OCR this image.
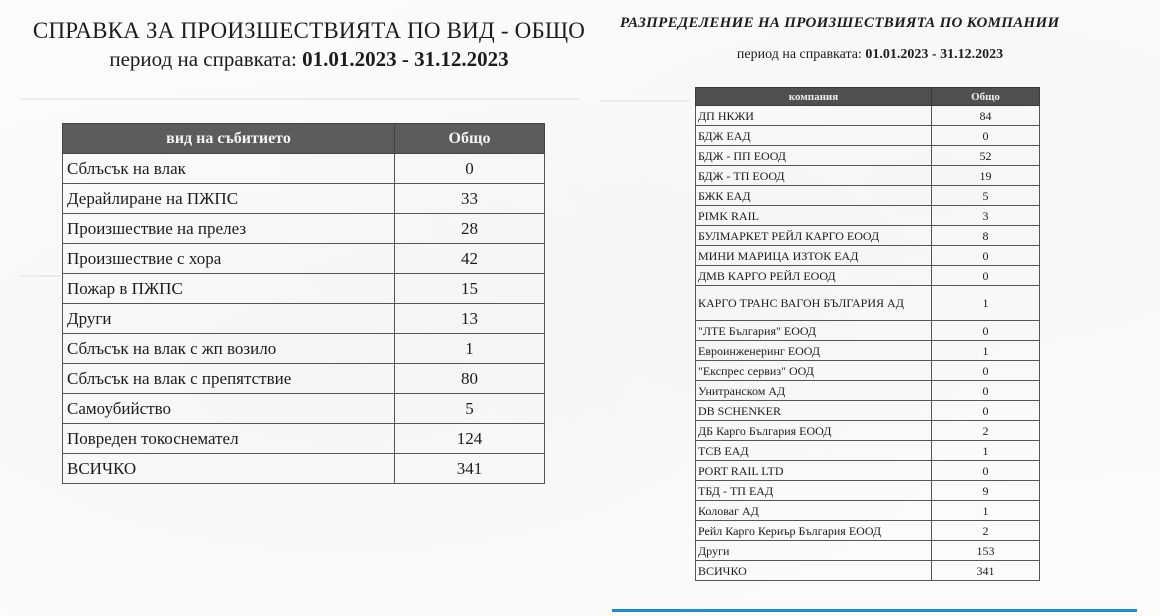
СПРАВКА ЗА ПРОИЗШЕСТВИЯТА ПО ВИД - ОБЩО
период на справката: 01.01.2023 - 31.12.2023
вид на събитието	Общо
Сблъсък на влак	0
Дерайлиране на ПЖПС	33
Произшествие на прелез	28
Произшествие с хора	42
Пожар в ПЖПС	15
Други	13
Сблъсък на влак с жп возило	1
Сблъсък на влак с препятствие	80
Самоубийство	5
Повреден токоснемател	124
ВСИЧКО	341
РАЗПРЕДЕЛЕНИЕ НА ПРОИЗШЕСТВИЯТА ПО КОМПАНИИ
период на справката: 01.01.2023 - 31.12.2023
компания	Общо
ДП НКЖИ	84
БДЖ ЕАД	0
БДЖ - ПП ЕООД	52
БДЖ - ТП ЕООД	19
БЖК ЕАД	5
PIMK RAIL	3
БУЛМАРКЕТ РЕЙЛ КАРГО ЕООД	8
МИНИ МАРИЦА ИЗТОК ЕАД	0
ДМВ КАРГО РЕЙЛ ЕООД	0
КАРГО ТРАНС ВАГОН БЪЛГАРИЯ АД	1
"ЛТЕ България" ЕООД	0
Евроинженеринг ЕООД	1
"Експрес сервиз" ООД	0
Унитранском АД	0
DB SCHENKER	0
ДБ Карго България ЕООД	2
ТСВ ЕАД	1
PORT RAIL LTD	0
ТБД - ТП ЕАД	9
Коловаг АД	1
Рейл Карго Кериър България ЕООД	2
Други	153
ВСИЧКО	341
